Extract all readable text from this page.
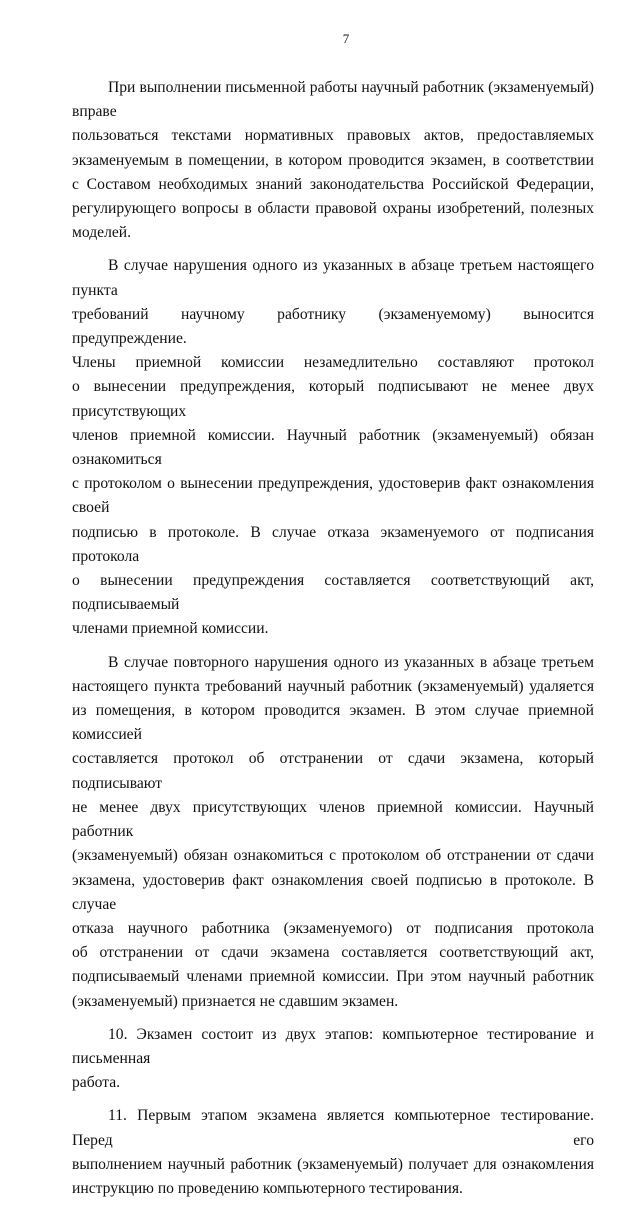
7
При выполнении письменной работы научный работник (экзаменуемый) вправе
пользоваться текстами нормативных правовых актов, предоставляемых
экзаменуемым в помещении, в котором проводится экзамен, в соответствии
с Составом необходимых знаний законодательства Российской Федерации,
регулирующего вопросы в области правовой охраны изобретений, полезных моделей.
В случае нарушения одного из указанных в абзаце третьем настоящего пункта
требований научному работнику (экзаменуемому) выносится предупреждение.
Члены приемной комиссии незамедлительно составляют протокол
о вынесении предупреждения, который подписывают не менее двух присутствующих
членов приемной комиссии. Научный работник (экзаменуемый) обязан ознакомиться
с протоколом о вынесении предупреждения, удостоверив факт ознакомления своей
подписью в протоколе. В случае отказа экзаменуемого от подписания протокола
о вынесении предупреждения составляется соответствующий акт, подписываемый
членами приемной комиссии.
В случае повторного нарушения одного из указанных в абзаце третьем
настоящего пункта требований научный работник (экзаменуемый) удаляется
из помещения, в котором проводится экзамен. В этом случае приемной комиссией
составляется протокол об отстранении от сдачи экзамена, который подписывают
не менее двух присутствующих членов приемной комиссии. Научный работник
(экзаменуемый) обязан ознакомиться с протоколом об отстранении от сдачи
экзамена, удостоверив факт ознакомления своей подписью в протоколе. В случае
отказа научного работника (экзаменуемого) от подписания протокола
об отстранении от сдачи экзамена составляется соответствующий акт,
подписываемый членами приемной комиссии. При этом научный работник
(экзаменуемый) признается не сдавшим экзамен.
10. Экзамен состоит из двух этапов: компьютерное тестирование и письменная
работа.
11. Первым этапом экзамена является компьютерное тестирование. Перед его
выполнением научный работник (экзаменуемый) получает для ознакомления
инструкцию по проведению компьютерного тестирования.
